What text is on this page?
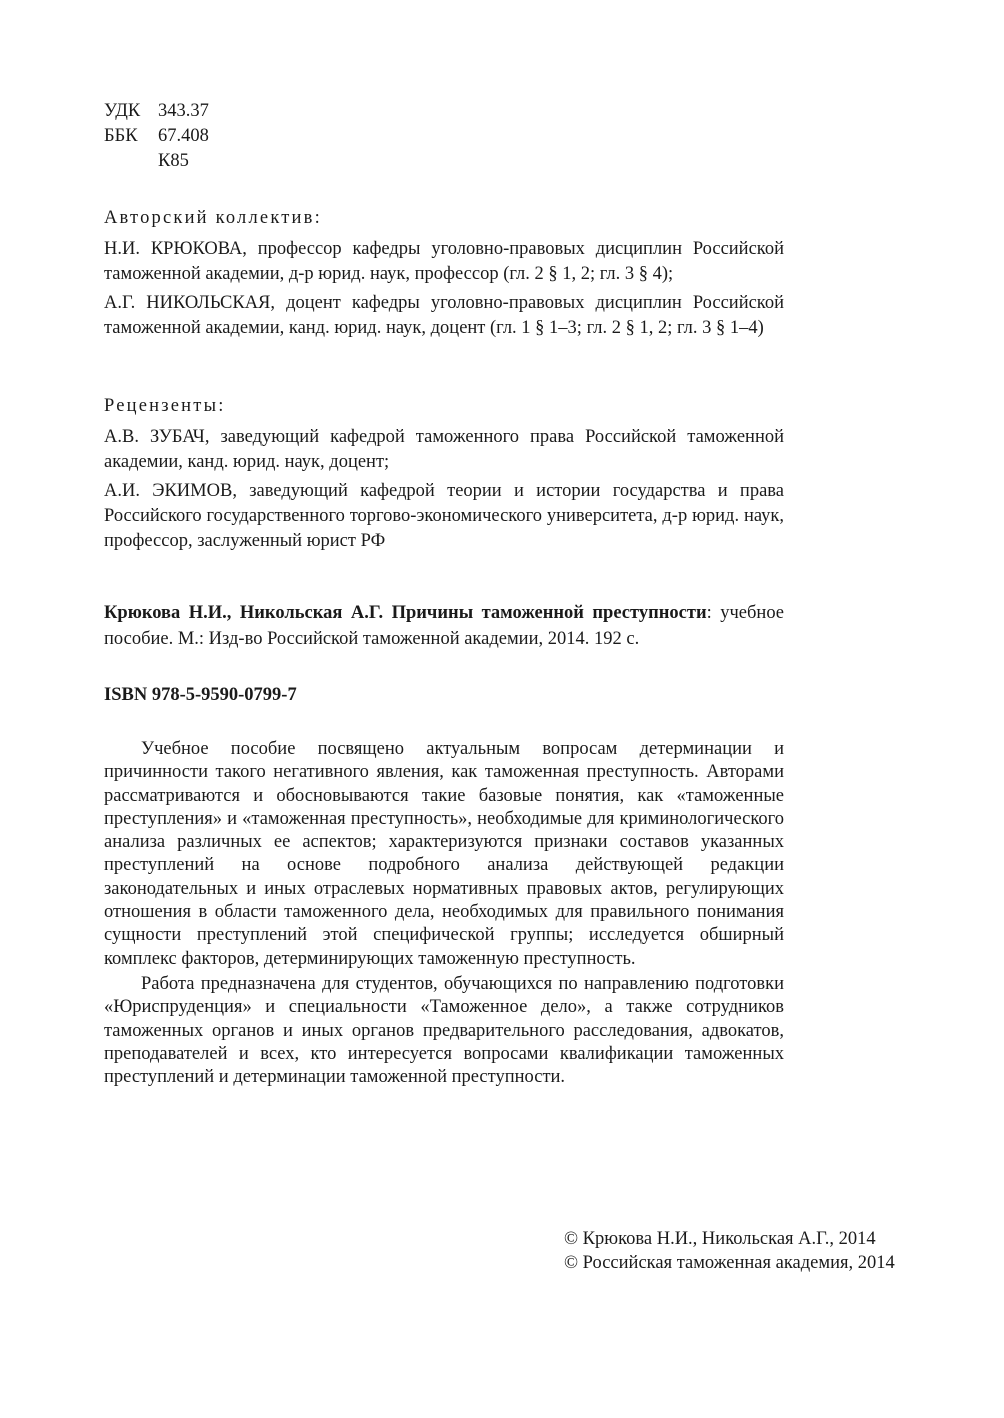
УДК 343.37
ББК	67.408
К85
Авторский коллектив:

Н.И. КРЮКОВА, профессор кафедры уголовно-правовых дисциплин Российской таможенной академии, д-р юрид. наук, профессор (гл. 2 § 1, 2; гл. 3 § 4);

А.Г. НИКОЛЬСКАЯ, доцент кафедры уголовно-правовых дисциплин Российской таможенной академии, канд. юрид. наук, доцент (гл. 1 § 1–3; гл. 2 § 1, 2; гл. 3 § 1–4)

Рецензенты:

А.В. ЗУБАЧ, заведующий кафедрой таможенного права Российской таможенной академии, канд. юрид. наук, доцент;

А.И. ЭКИМОВ, заведующий кафедрой теории и истории государства и права Российского государственного торгово-экономического университета, д-р юрид. наук, профессор, заслуженный юрист РФ

Крюкова Н.И., Никольская А.Г. Причины таможенной преступности: учебное пособие. М.: Изд-во Российской таможенной академии, 2014. 192 с.

ISBN 978-5-9590-0799-7

Учебное пособие посвящено актуальным вопросам детерминации и причинности такого негативного явления, как таможенная преступность. Авторами рассматриваются и обосновываются такие базовые понятия, как «таможенные преступления» и «таможенная преступность», необходимые для криминологического анализа различных ее аспектов; характеризуются признаки составов указанных преступлений на основе подробного анализа действующей редакции законодательных и иных отраслевых нормативных правовых актов, регулирующих отношения в области таможенного дела, необходимых для правильного понимания сущности преступлений этой специфической группы; исследуется обширный комплекс факторов, детерминирующих таможенную преступность.

Работа предназначена для студентов, обучающихся по направлению подготовки «Юриспруденция» и специальности «Таможенное дело», а также сотрудников таможенных органов и иных органов предварительного расследования, адвокатов, преподавателей и всех, кто интересуется вопросами квалификации таможенных преступлений и детерминации таможенной преступности.

© Крюкова Н.И., Никольская А.Г., 2014
© Российская таможенная академия, 2014
